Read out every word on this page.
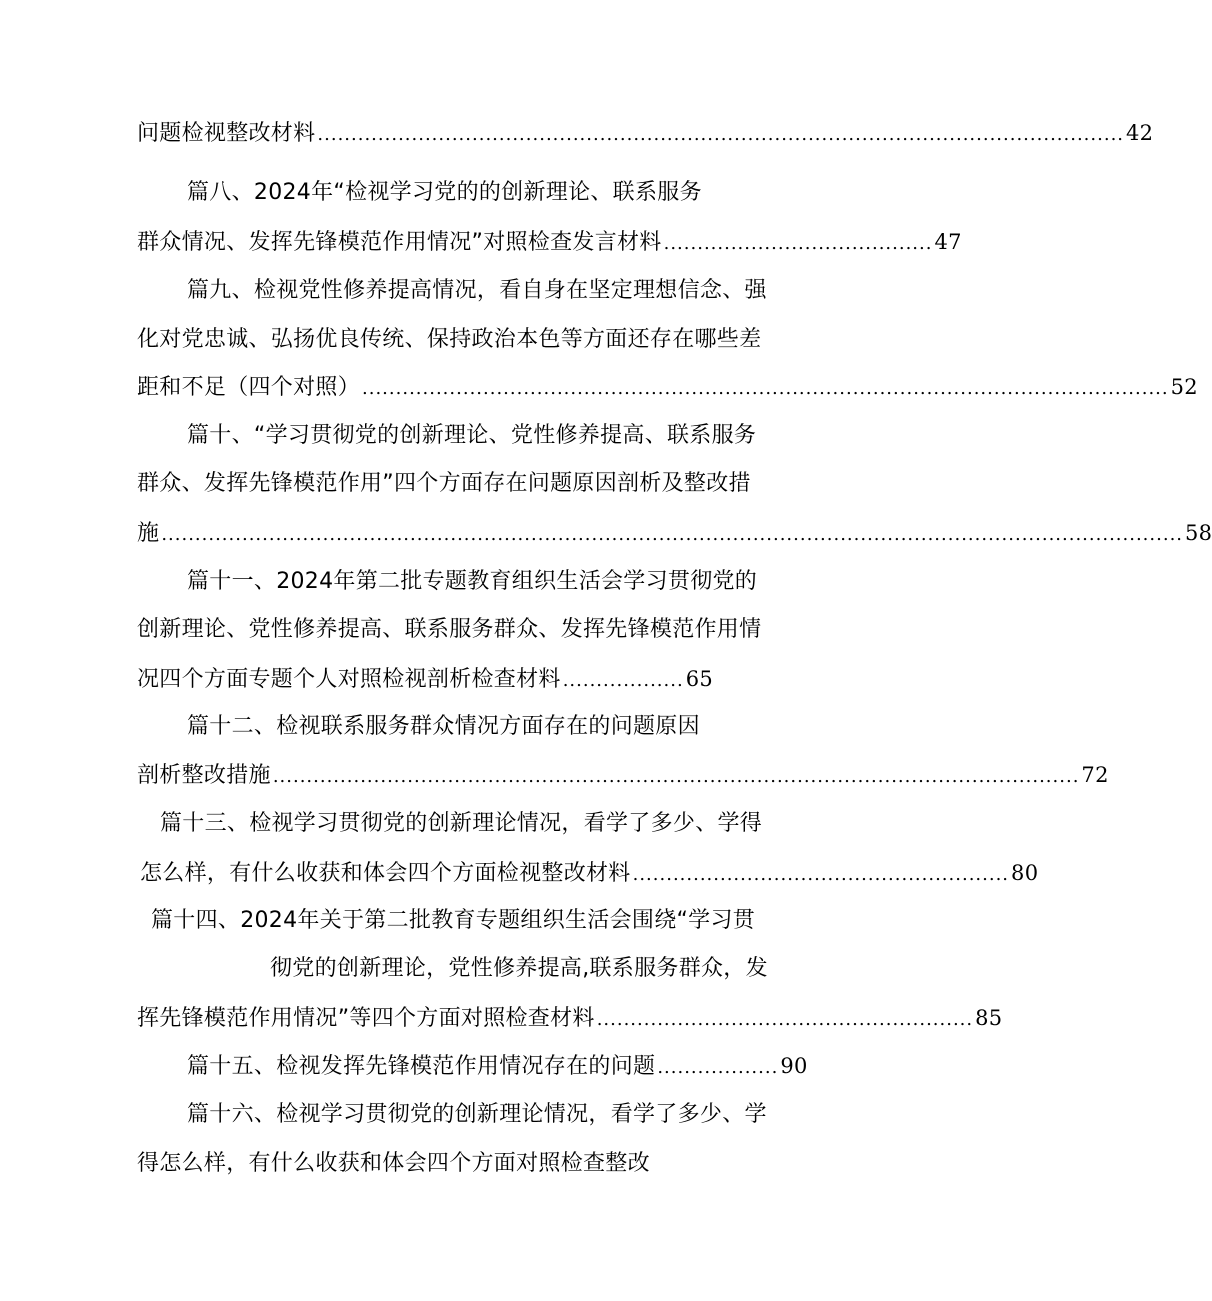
问题检视整改材料 ........................................................................................................................ 42
篇八、2024年“检视学习党的的创新理论、联系服务
群众情况、发挥先锋模范作用情况”对照检查发言材料 ........................................ 47
篇九、检视党性修养提高情况，看自身在坚定理想信念、强
化对党忠诚、弘扬优良传统、保持政治本色等方面还存在哪些差
距和不足（四个对照） ........................................................................................................................ 52
篇十、“学习贯彻党的创新理论、党性修养提高、联系服务
群众、发挥先锋模范作用”四个方面存在问题原因剖析及整改措
施 ........................................................................................................................................................ 58
篇十一、2024年第二批专题教育组织生活会学习贯彻党的
创新理论、党性修养提高、联系服务群众、发挥先锋模范作用情
况四个方面专题个人对照检视剖析检查材料 .................. 65
篇十二、检视联系服务群众情况方面存在的问题原因
剖析整改措施 ........................................................................................................................ 72
篇十三、检视学习贯彻党的创新理论情况，看学了多少、学得
怎么样，有什么收获和体会四个方面检视整改材料 ........................................................ 80
篇十四、2024年关于第二批教育专题组织生活会围绕“学习贯
彻党的创新理论，党性修养提高,联系服务群众，发
挥先锋模范作用情况”等四个方面对照检查材料 ........................................................ 85
篇十五、检视发挥先锋模范作用情况存在的问题 .................. 90
篇十六、检视学习贯彻党的创新理论情况，看学了多少、学
得怎么样，有什么收获和体会四个方面对照检查整改
